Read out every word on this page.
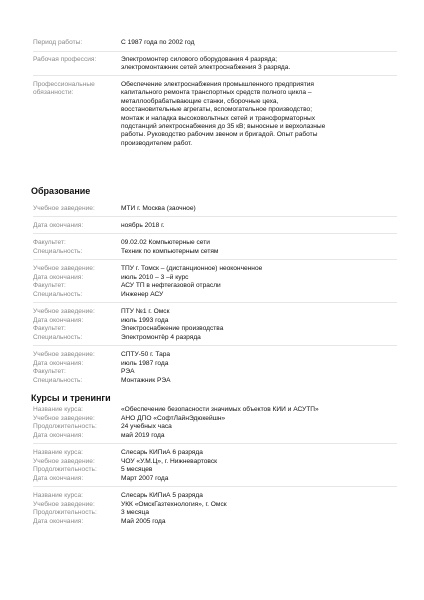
Период работы:	С 1987 года по 2002 год
Рабочая профессия:	Электромонтер силового оборудования 4 разряда;
электромонтажник сетей электроснабжения 3 разряда.
Профессиональные
обязанности:
Обеспечение электроснабжения промышленного предприятия
капитального ремонта транспортных средств полного цикла –
металлообрабатывающие станки, сборочные цеха,
восстановительные агрегаты, вспомогательное производство;
монтаж и наладка высоковольтных сетей и трансформаторных
подстанций электроснабжения до 35 кВ; выносные и верхолазные
работы. Руководство рабочим звеном и бригадой. Опыт работы
производителем работ.
Образование
Учебное заведение:	МТИ г. Москва (заочное)
Дата окончания:	ноябрь 2018 г.
Факультет:	09.02.02 Компьютерные сети
Специальность:	Техник по компьютерным сетям
Учебное заведение:	ТПУ г. Томск – (дистанционное) неоконченное
Дата окончания:	июль 2010 – 3 –й курс
Факультет:	АСУ ТП в нефтегазовой отрасли
Специальность:	Инженер АСУ
Учебное заведение:	ПТУ №1 г. Омск
Дата окончания:	июль 1993 года
Факультет:	Электроснабжение производства
Специальность:	Электромонтёр 4 разряда
Учебное заведение:	СПТУ-50 г. Тара
Дата окончания:	июль 1987 года
Факультет:	РЭА
Специальность:	Монтажник РЭА
Курсы и тренинги
Название курса:	«Обеспечение безопасности значимых объектов КИИ и АСУТП»
Учебное заведение:	АНО ДПО «СофтЛайнЭдюкейшн»
Продолжительность:	24 учебных часа
Дата окончания:	май 2019 года
Название курса:	Слесарь КИПиА 6 разряда
Учебное заведение:	ЧОУ «У.М.Ц», г. Нижневартовск
Продолжительность:	5 месяцев
Дата окончания:	Март 2007 года
Название курса:	Слесарь КИПиА 5 разряда
Учебное заведение:	УКК «ОмскГазтехнология», г. Омск
Продолжительность:	3 месяца
Дата окончания:	Май 2005 года
